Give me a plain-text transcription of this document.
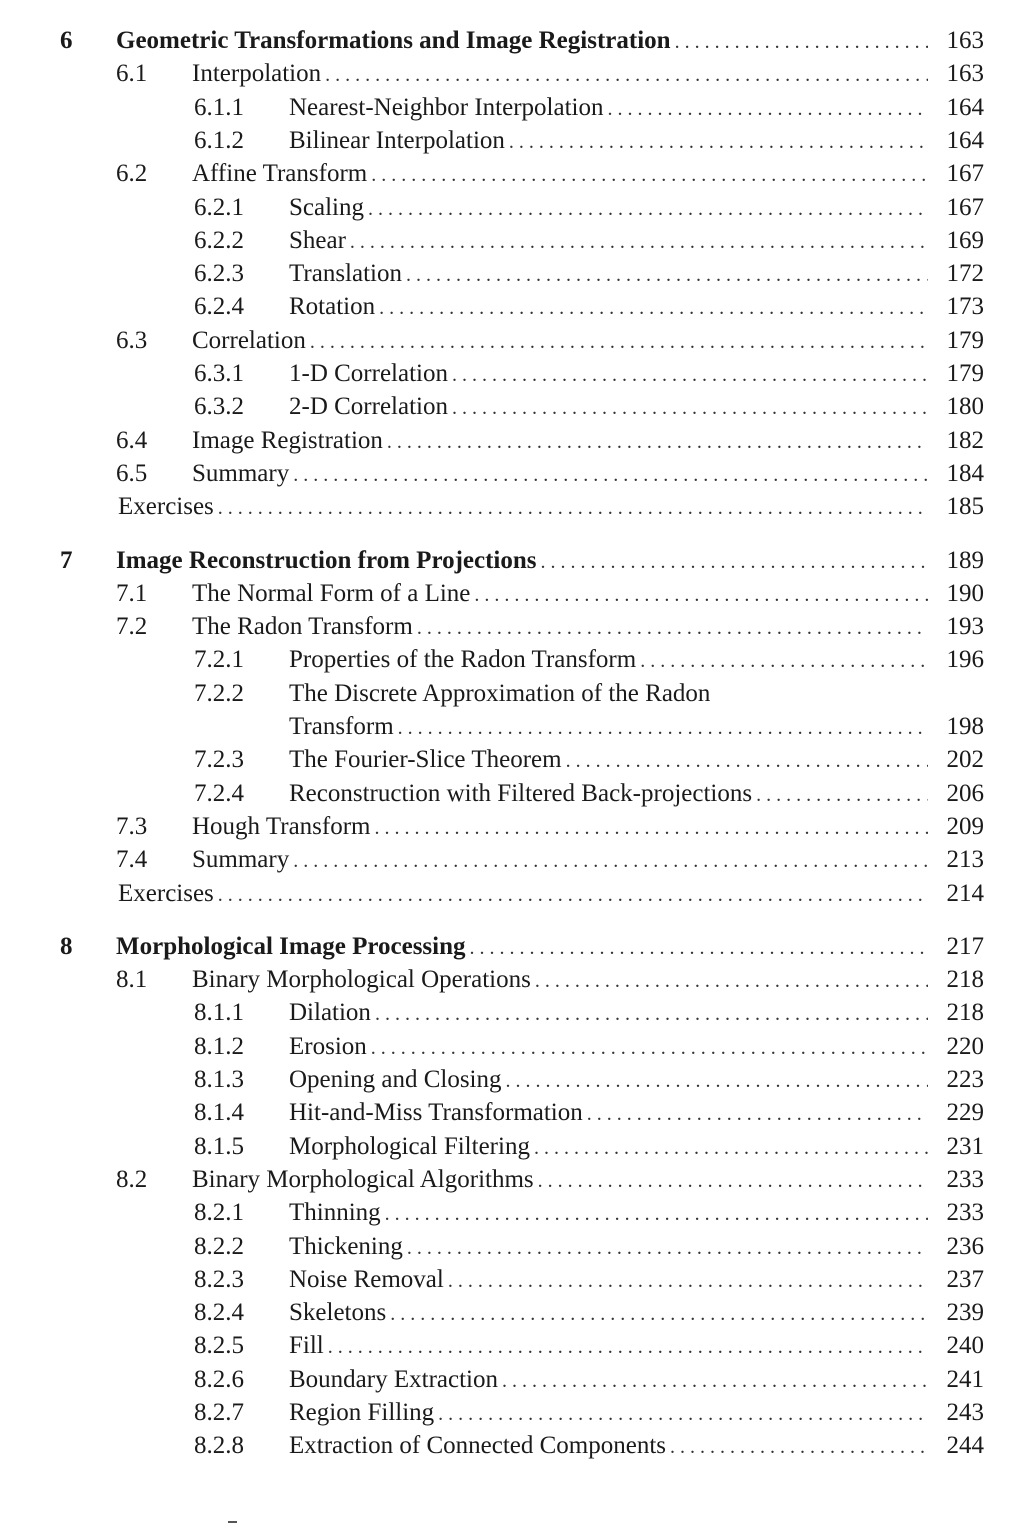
6 Geometric Transformations and Image Registration . . .	163
6.1 Interpolation . . .	163
6.1.1 Nearest-Neighbor Interpolation . . .	164
6.1.2 Bilinear Interpolation . . .	164
6.2 Affine Transform . . .	167
6.2.1 Scaling . . .	167
6.2.2 Shear . . .	169
6.2.3 Translation . . .	172
6.2.4 Rotation . . .	173
6.3 Correlation . . .	179
6.3.1 1-D Correlation . . .	179
6.3.2 2-D Correlation . . .	180
6.4 Image Registration . . .	182
6.5 Summary . . .	184
Exercises . . .	185
7 Image Reconstruction from Projections . . .	189
7.1 The Normal Form of a Line . . .	190
7.2 The Radon Transform . . .	193
7.2.1 Properties of the Radon Transform . . .	196
7.2.2 The Discrete Approximation of the Radon
Transform . . .	198
7.2.3 The Fourier-Slice Theorem . . .	202
7.2.4 Reconstruction with Filtered Back-projections . . .	206
7.3 Hough Transform . . .	209
7.4 Summary . . .	213
Exercises . . .	214
8 Morphological Image Processing . . .	217
8.1 Binary Morphological Operations . . .	218
8.1.1 Dilation . . .	218
8.1.2 Erosion . . .	220
8.1.3 Opening and Closing . . .	223
8.1.4 Hit-and-Miss Transformation . . .	229
8.1.5 Morphological Filtering . . .	231
8.2 Binary Morphological Algorithms . . .	233
8.2.1 Thinning . . .	233
8.2.2 Thickening . . .	236
8.2.3 Noise Removal . . .	237
8.2.4 Skeletons . . .	239
8.2.5 Fill . . .	240
8.2.6 Boundary Extraction . . .	241
8.2.7 Region Filling . . .	243
8.2.8 Extraction of Connected Components . . .	244
